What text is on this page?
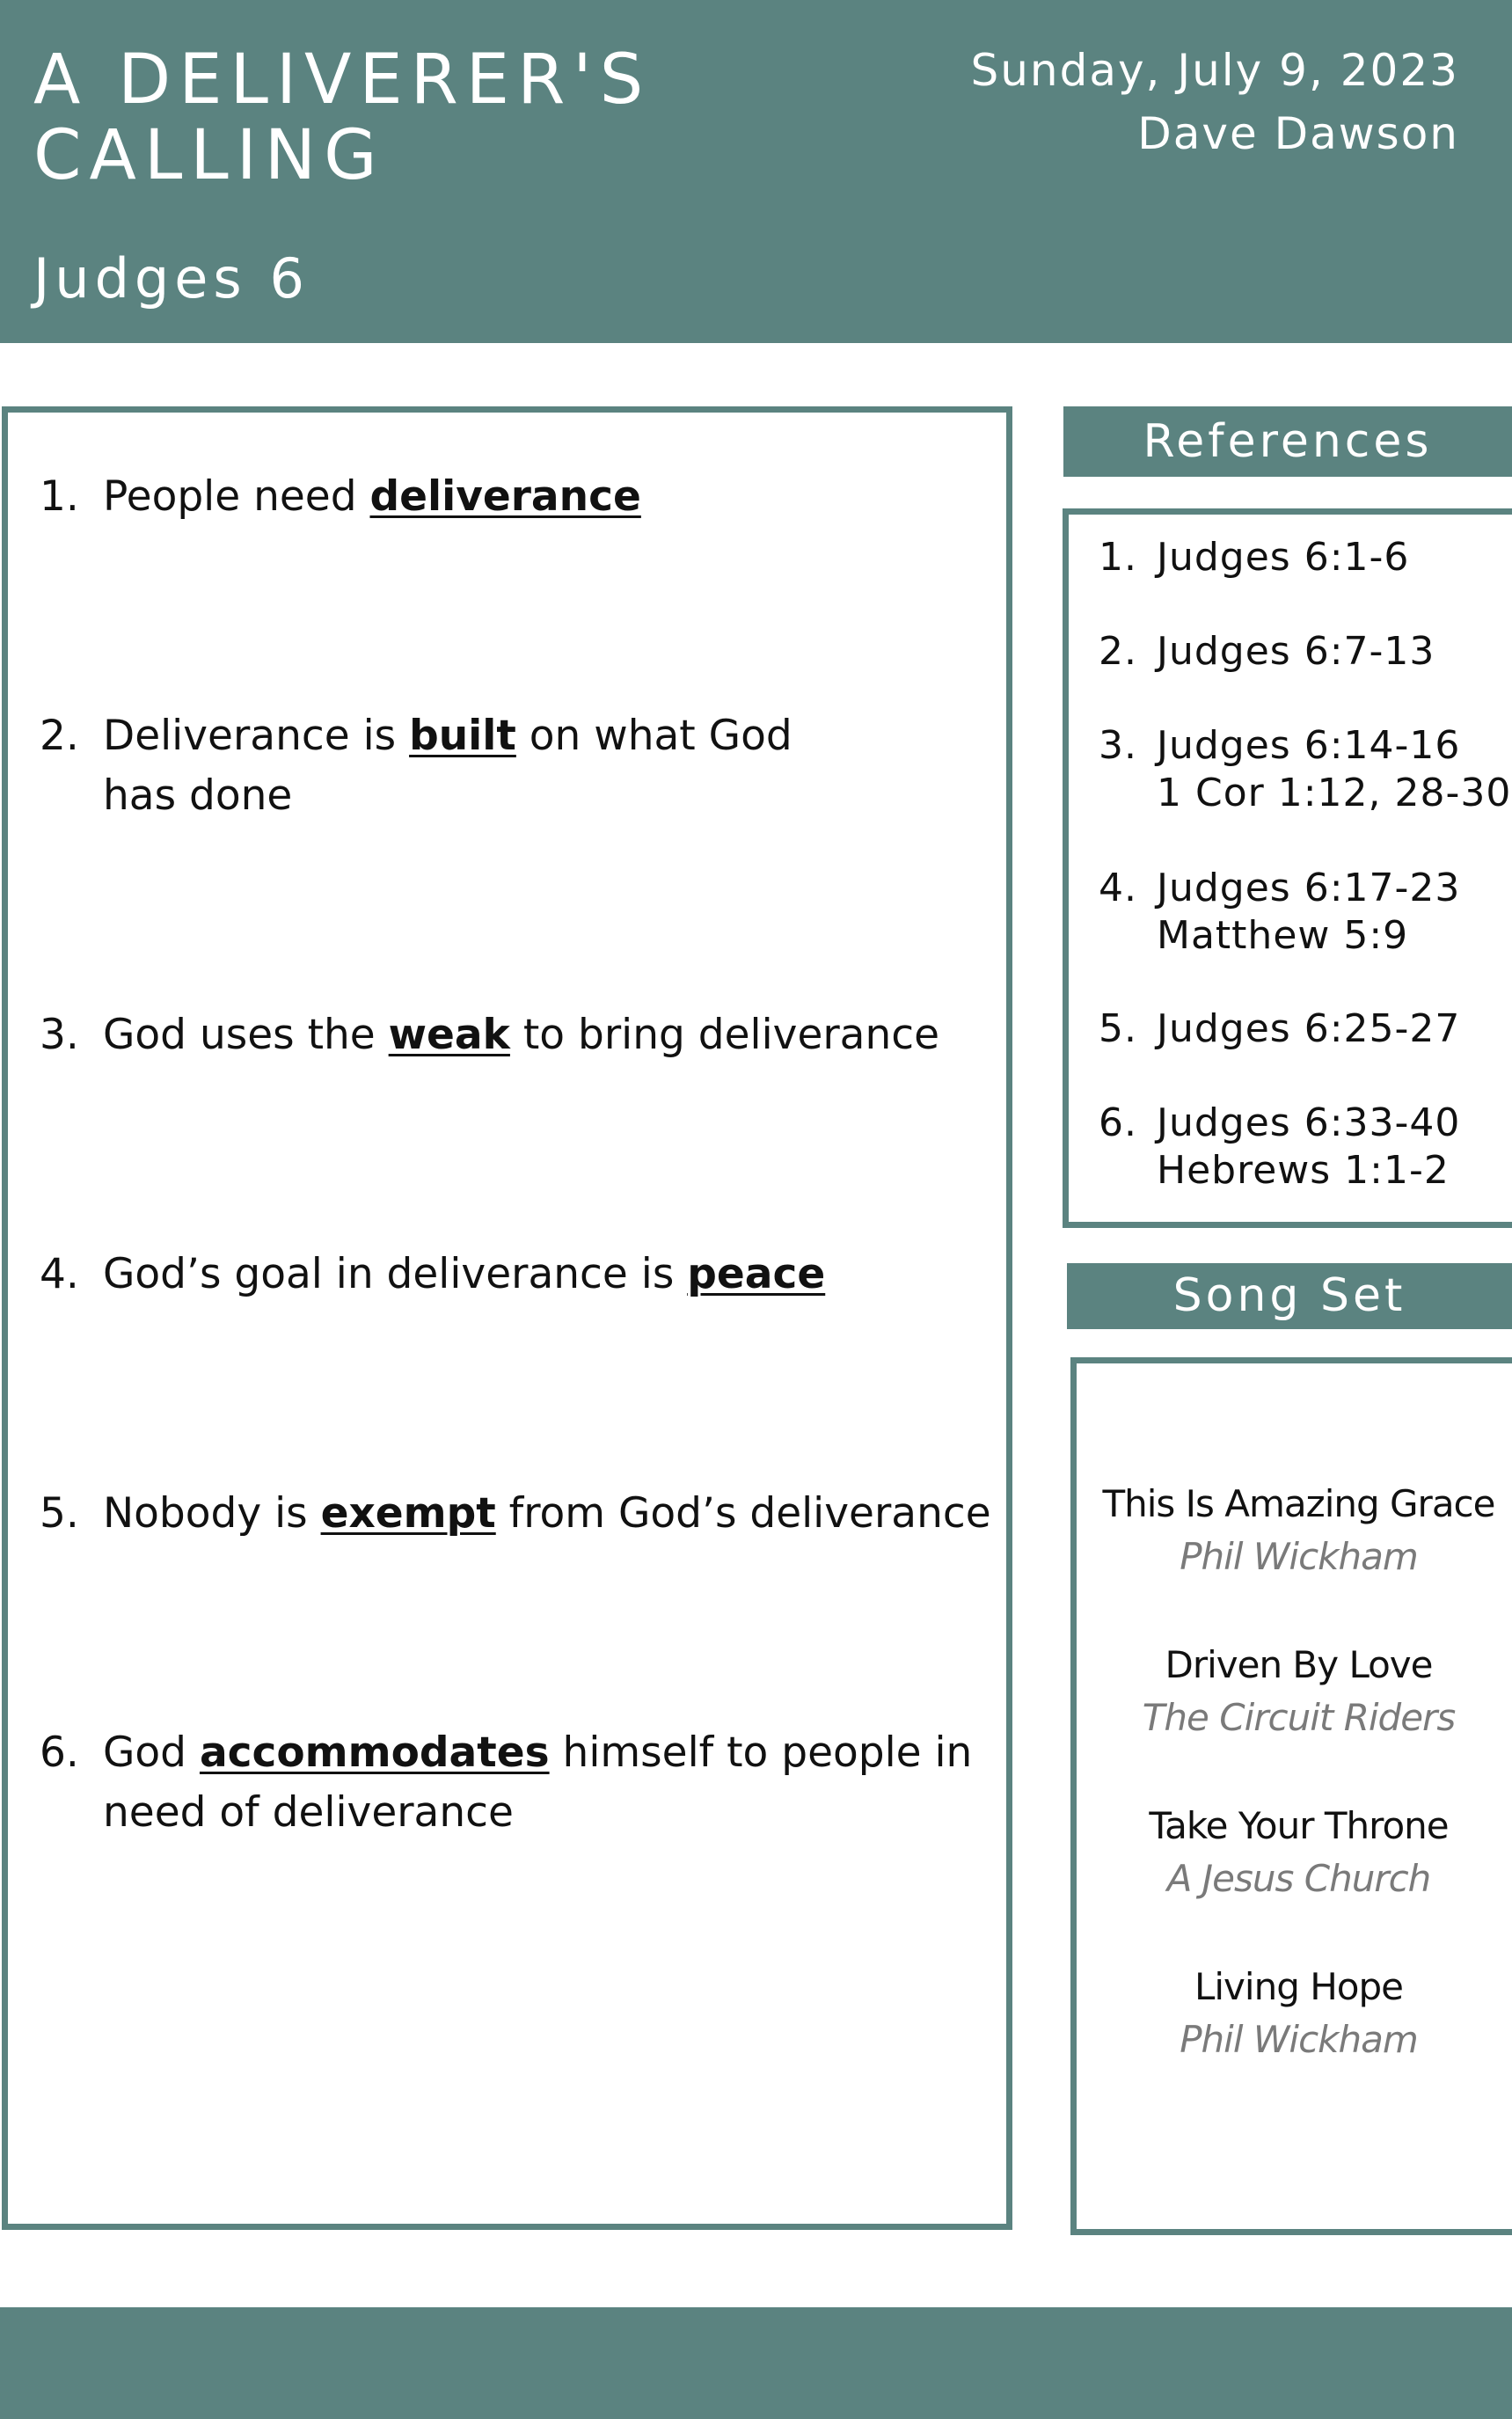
A DELIVERER'S
CALLING
Judges 6
Sunday, July 9, 2023
Dave Dawson
1. People need deliverance
2. Deliverance is built on what God
has done
3. God uses the weak to bring deliverance
4. God’s goal in deliverance is peace
5. Nobody is exempt from God’s deliverance
6. God accommodates himself to people in
need of deliverance
References
1. Judges 6:1-6
2. Judges 6:7-13
3. Judges 6:14-16
1 Cor 1:12, 28-30
4. Judges 6:17-23
Matthew 5:9
5. Judges 6:25-27
6. Judges 6:33-40
Hebrews 1:1-2
Song Set
This Is Amazing Grace
Phil Wickham
Driven By Love
The Circuit Riders
Take Your Throne
A Jesus Church
Living Hope
Phil Wickham
